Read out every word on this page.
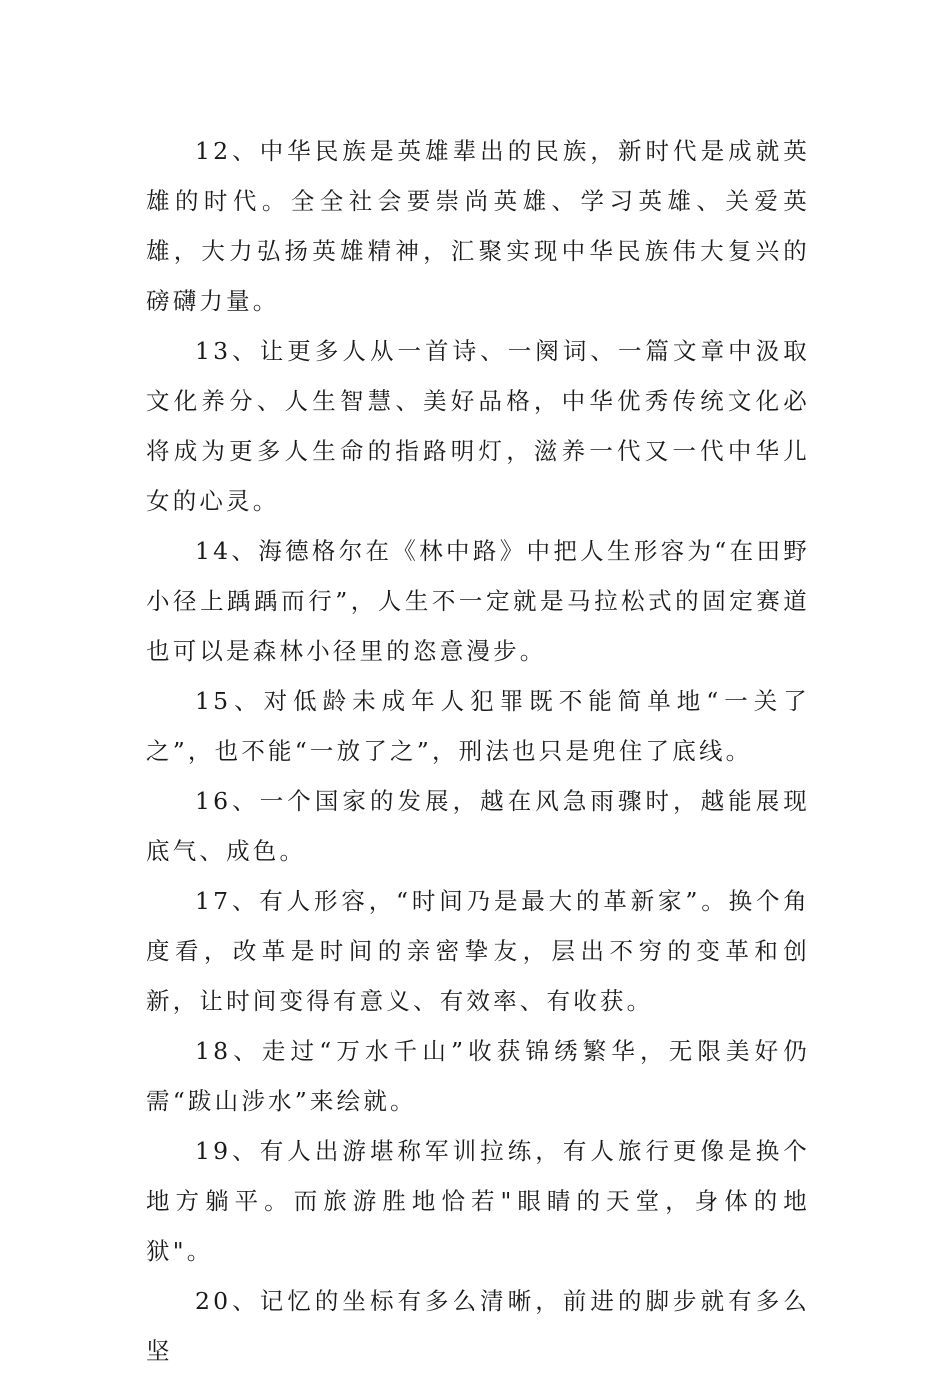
12、中华民族是英雄辈出的民族，新时代是成就英雄的时代。全全社会要崇尚英雄、学习英雄、关爱英雄，大力弘扬英雄精神，汇聚实现中华民族伟大复兴的磅礴力量。

13、让更多人从一首诗、一阕词、一篇文章中汲取文化养分、人生智慧、美好品格，中华优秀传统文化必将成为更多人生命的指路明灯，滋养一代又一代中华儿女的心灵。

14、海德格尔在《林中路》中把人生形容为“在田野小径上踽踽而行”，人生不一定就是马拉松式的固定赛道也可以是森林小径里的恣意漫步。

15、对低龄未成年人犯罪既不能简单地“一关了之”，也不能“一放了之”，刑法也只是兜住了底线。

16、一个国家的发展，越在风急雨骤时，越能展现底气、成色。

17、有人形容，“时间乃是最大的革新家”。换个角度看，改革是时间的亲密挚友，层出不穷的变革和创新，让时间变得有意义、有效率、有收获。

18、走过“万水千山”收获锦绣繁华，无限美好仍需“跋山涉水”来绘就。

19、有人出游堪称军训拉练，有人旅行更像是换个地方躺平。而旅游胜地恰若"眼睛的天堂，身体的地狱"。

20、记忆的坐标有多么清晰，前进的脚步就有多么坚
